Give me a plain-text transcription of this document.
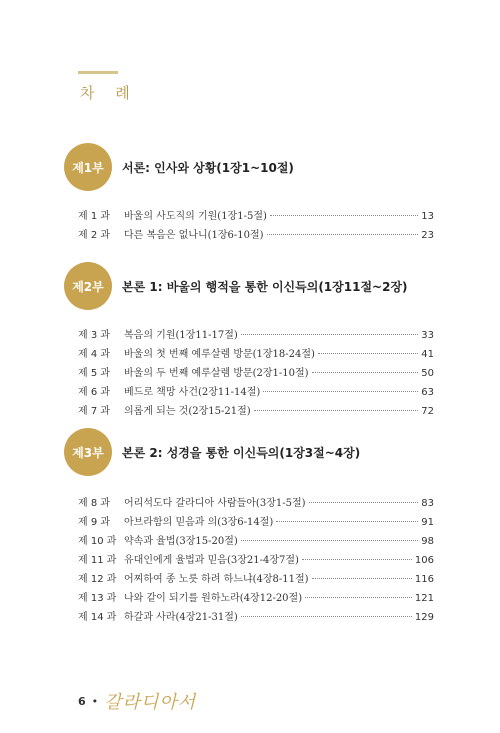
차 례
제1부	서론: 인사와 상황(1장1~10절)
제 1 과	바울의 사도직의 기원(1장1-5절)	13
제 2 과	다른 복음은 없나니(1장6-10절)	23
제2부	본론 1: 바울의 행적을 통한 이신득의(1장11절~2장)
제 3 과	복음의 기원(1장11-17절)	33
제 4 과	바울의 첫 번째 예루살렘 방문(1장18-24절)	41
제 5 과	바울의 두 번째 예루살렘 방문(2장1-10절)	50
제 6 과	베드로 책망 사건(2장11-14절)	63
제 7 과	의롭게 되는 것(2장15-21절)	72
제3부	본론 2: 성경을 통한 이신득의(1장3절~4장)
제 8 과	어리석도다 갈라디아 사람들아(3장1-5절)	83
제 9 과	아브라함의 믿음과 의(3장6-14절)	91
제 10 과 약속과 율법(3장15-20절)	98
제 11 과 유대인에게 율법과 믿음(3장21-4장7절)	106
제 12 과 어찌하여 종 노릇 하려 하느냐(4장8-11절)	116
제 13 과 나와 같이 되기를 원하노라(4장12-20절)	121
제 14 과 하갈과 사라(4장21-31절)	129
6 • 갈라디아서
